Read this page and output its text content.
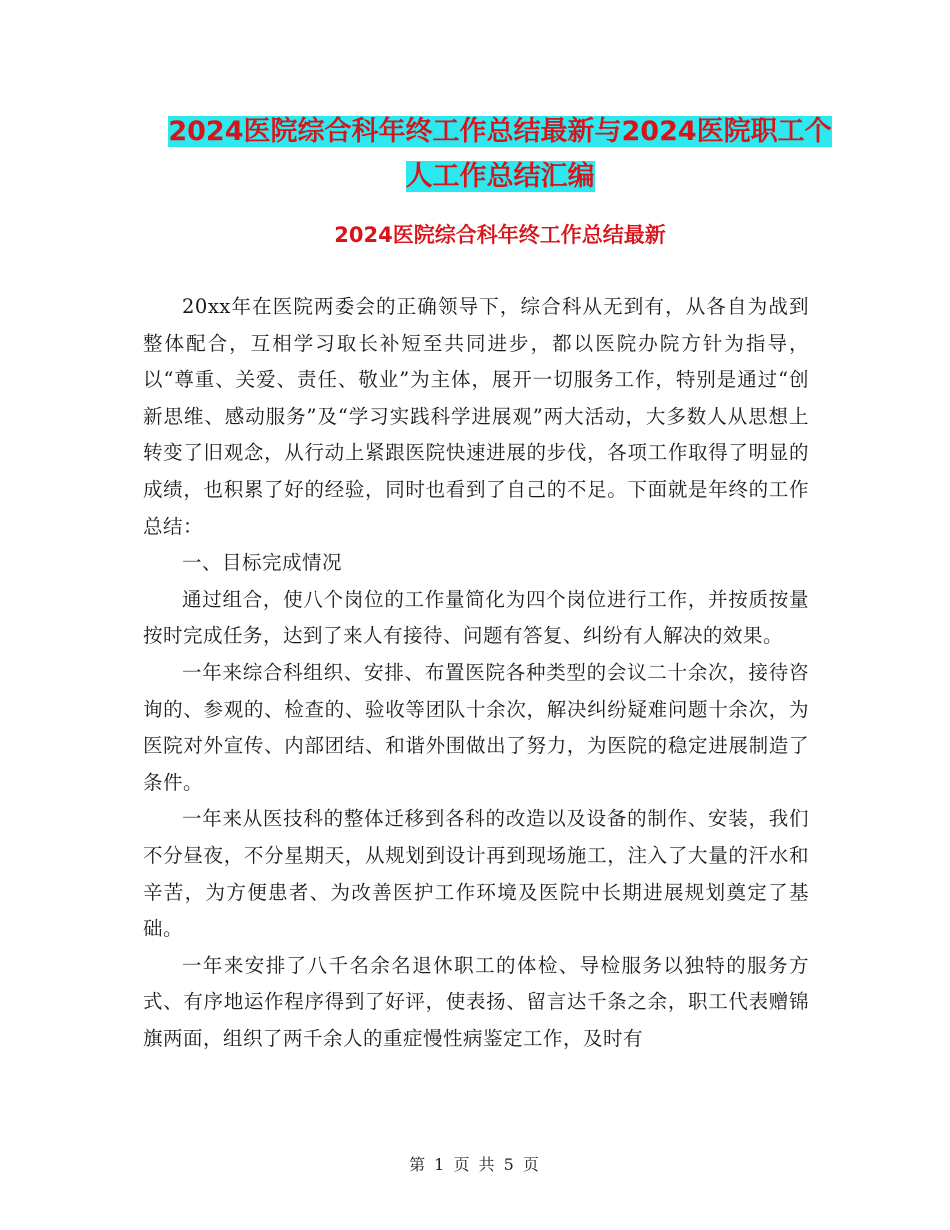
2024医院综合科年终工作总结最新与2024医院职工个
人工作总结汇编
2024医院综合科年终工作总结最新

20xx年在医院两委会的正确领导下，综合科从无到有，从各自为战到整体配合，互相学习取长补短至共同进步，都以医院办院方针为指导，以“尊重、关爱、责任、敬业”为主体，展开一切服务工作，特别是通过“创新思维、感动服务”及“学习实践科学进展观”两大活动，大多数人从思想上转变了旧观念，从行动上紧跟医院快速进展的步伐，各项工作取得了明显的成绩，也积累了好的经验，同时也看到了自己的不足。下面就是年终的工作总结：

一、目标完成情况

通过组合，使八个岗位的工作量简化为四个岗位进行工作，并按质按量按时完成任务，达到了来人有接待、问题有答复、纠纷有人解决的效果。

一年来综合科组织、安排、布置医院各种类型的会议二十余次，接待咨询的、参观的、检查的、验收等团队十余次，解决纠纷疑难问题十余次，为医院对外宣传、内部团结、和谐外围做出了努力，为医院的稳定进展制造了条件。

一年来从医技科的整体迁移到各科的改造以及设备的制作、安装，我们不分昼夜，不分星期天，从规划到设计再到现场施工，注入了大量的汗水和辛苦，为方便患者、为改善医护工作环境及医院中长期进展规划奠定了基础。

一年来安排了八千名余名退休职工的体检、导检服务以独特的服务方式、有序地运作程序得到了好评，使表扬、留言达千条之余，职工代表赠锦旗两面，组织了两千余人的重症慢性病鉴定工作，及时有

第 1 页 共 5 页
